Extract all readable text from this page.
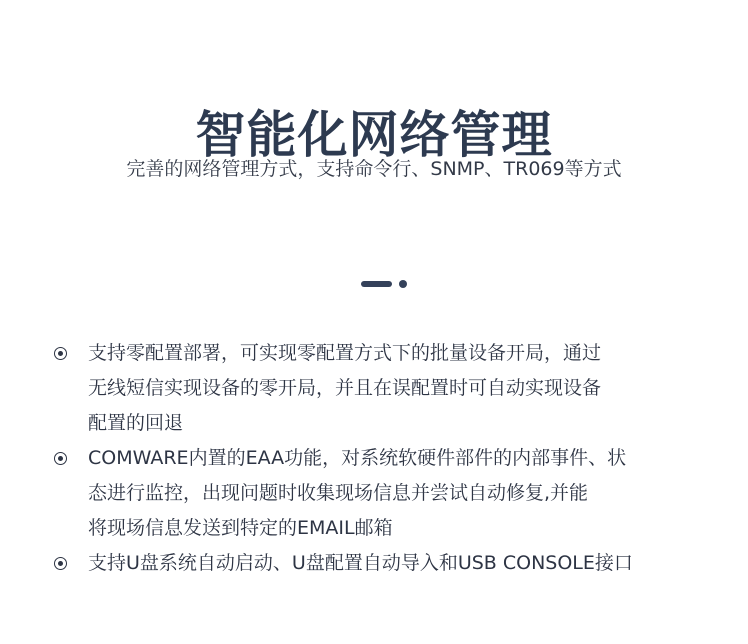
智能化网络管理
完善的网络管理方式，支持命令行、SNMP、TR069等方式
支持零配置部署，可实现零配置方式下的批量设备开局，通过
无线短信实现设备的零开局，并且在误配置时可自动实现设备
配置的回退
COMWARE内置的EAA功能，对系统软硬件部件的内部事件、状
态进行监控，出现问题时收集现场信息并尝试自动修复,并能
将现场信息发送到特定的EMAIL邮箱
支持U盘系统自动启动、U盘配置自动导入和USB CONSOLE接口
